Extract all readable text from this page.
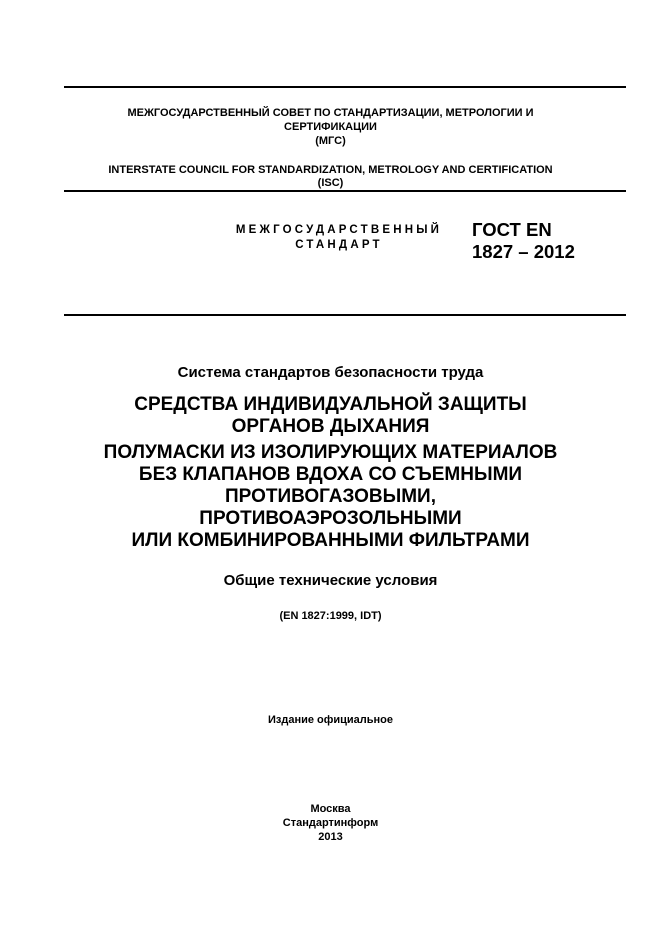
МЕЖГОСУДАРСТВЕННЫЙ СОВЕТ ПО СТАНДАРТИЗАЦИИ, МЕТРОЛОГИИ И
СЕРТИФИКАЦИИ
(МГС)
INTERSTATE COUNCIL FOR STANDARDIZATION, METROLOGY AND CERTIFICATION
(ISC)
МЕЖГОСУДАРСТВЕННЫЙ
СТАНДАРТ
ГОСТ EN
1827 – 2012
Система стандартов безопасности труда
СРЕДСТВА ИНДИВИДУАЛЬНОЙ ЗАЩИТЫ
ОРГАНОВ ДЫХАНИЯ
ПОЛУМАСКИ ИЗ ИЗОЛИРУЮЩИХ МАТЕРИАЛОВ
БЕЗ КЛАПАНОВ ВДОХА СО СЪЕМНЫМИ
ПРОТИВОГАЗОВЫМИ,
ПРОТИВОАЭРОЗОЛЬНЫМИ
ИЛИ КОМБИНИРОВАННЫМИ ФИЛЬТРАМИ
Общие технические условия
(EN 1827:1999, IDT)
Издание официальное
Москва
Стандартинформ
2013
